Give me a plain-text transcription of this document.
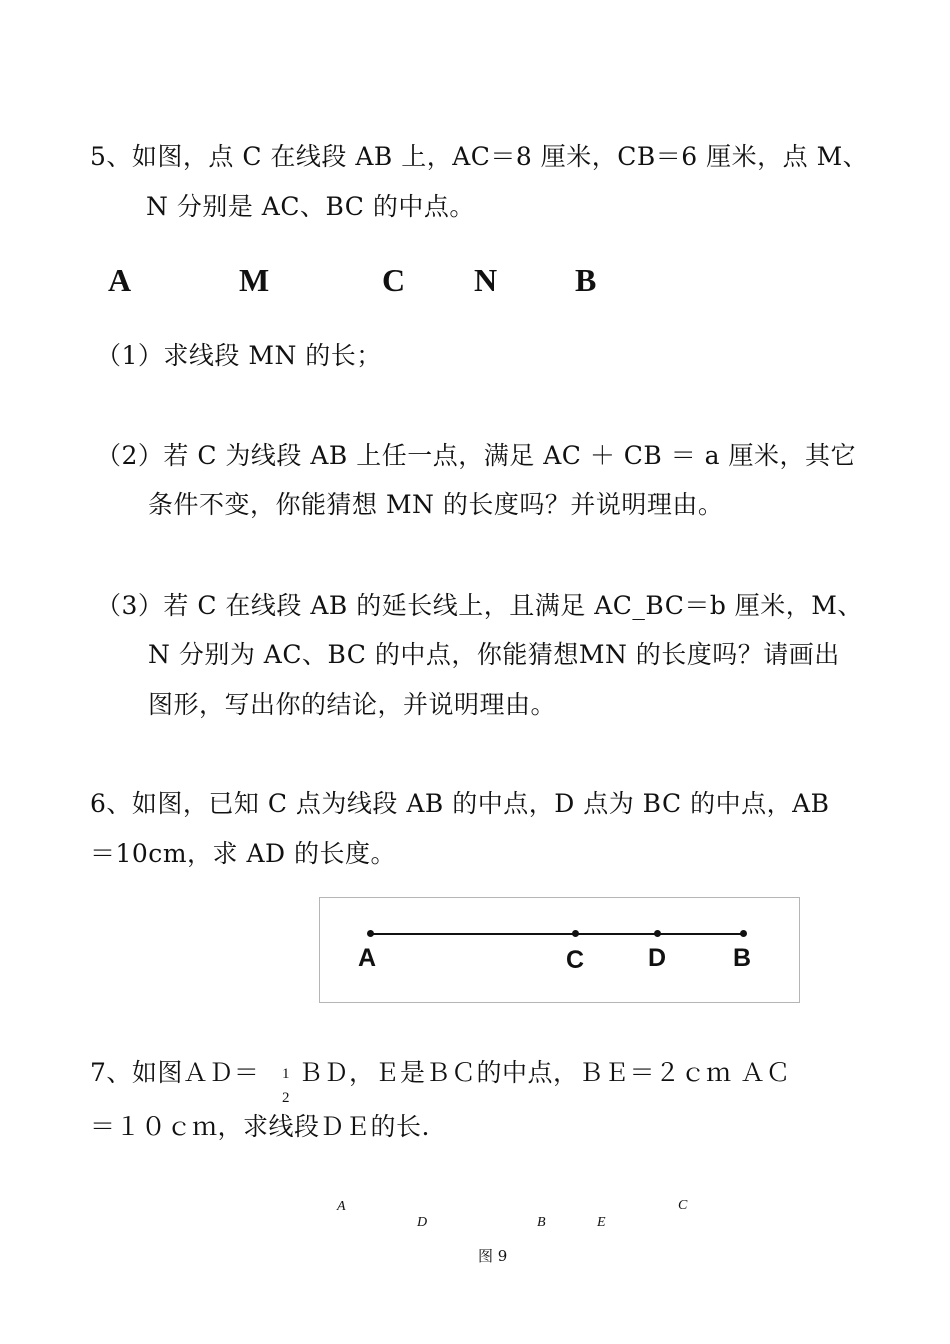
5、如图，点 C 在线段 AB 上，AC＝8 厘米，CB＝6 厘米，点 M、
N 分别是 AC、BC 的中点。
A	M	C N B
（1）求线段 MN 的长；
（2）若 C 为线段 AB 上任一点，满足 AC ＋ CB ＝ a 厘米，其它
条件不变，你能猜想 MN 的长度吗？并说明理由。
（3）若 C 在线段 AB 的延长线上，且满足 AC_BC＝b 厘米，M、
N 分别为 AC、BC 的中点，你能猜想MN 的长度吗？请画出
图形，写出你的结论，并说明理由。
6、如图，已知 C 点为线段 AB 的中点，D 点为 BC 的中点，AB
＝10cm，求 AD 的长度。
A	C	D	B
7、如图ＡＤ＝ 1
2
ＢＤ，Ｅ是ＢＣ的中点，ＢＥ＝２ｃｍ ＡＣ
＝１０ｃｍ，求线段ＤＥ的长.
A
D	B	E
C
图 9
